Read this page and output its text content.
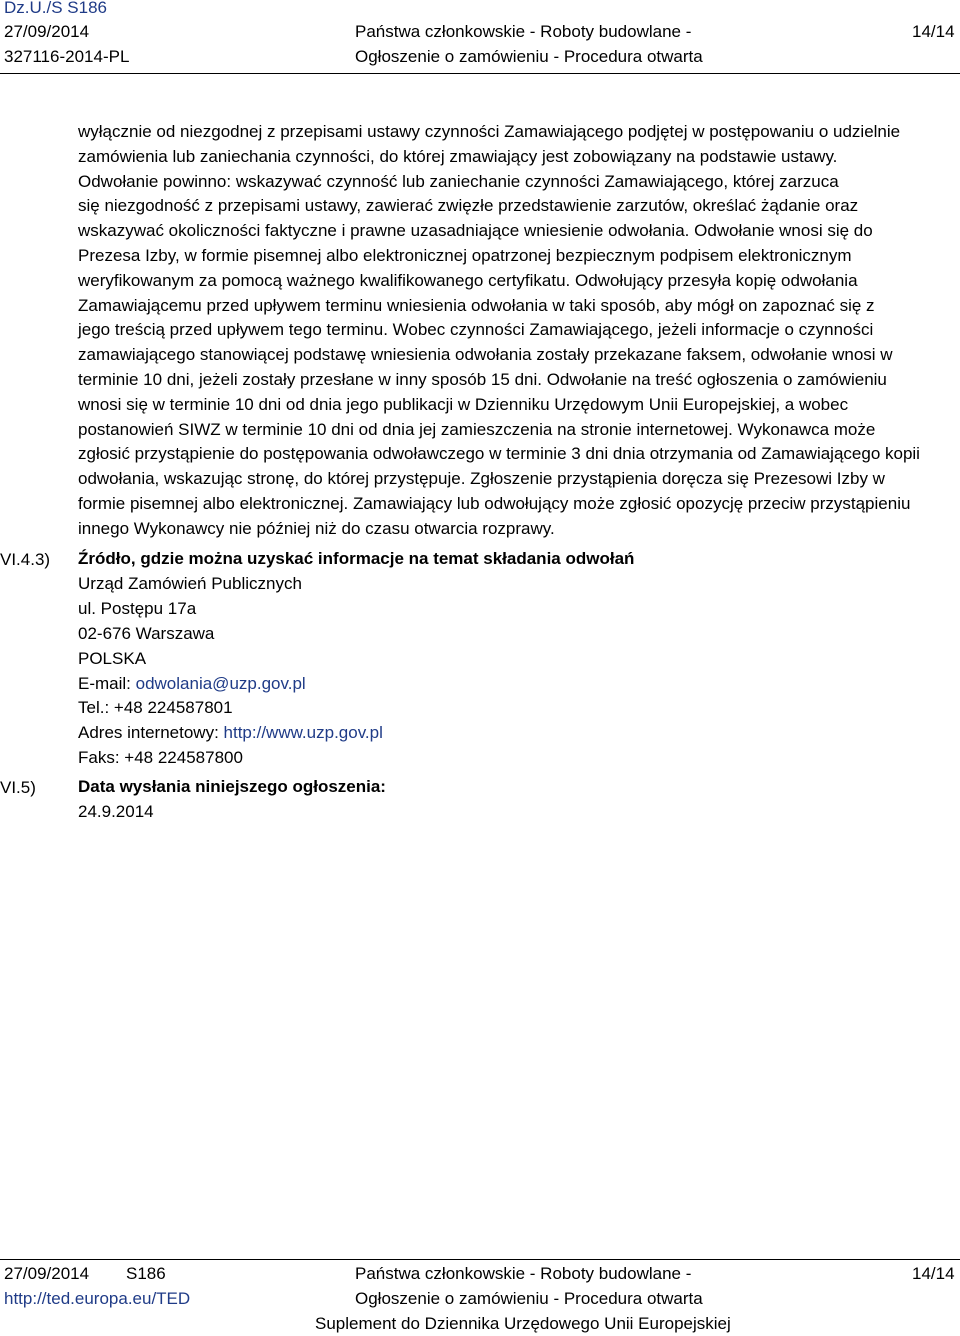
Dz.U./S S186
27/09/2014
327116-2014-PL
Państwa członkowskie - Roboty budowlane -
Ogłoszenie o zamówieniu - Procedura otwarta
14/14
wyłącznie od niezgodnej z przepisami ustawy czynności Zamawiającego podjętej w postępowaniu o udzielnie
zamówienia lub zaniechania czynności, do której zmawiający jest zobowiązany na podstawie ustawy.
Odwołanie powinno: wskazywać czynność lub zaniechanie czynności Zamawiającego, której zarzuca
się niezgodność z przepisami ustawy, zawierać zwięzłe przedstawienie zarzutów, określać żądanie oraz
wskazywać okoliczności faktyczne i prawne uzasadniające wniesienie odwołania. Odwołanie wnosi się do
Prezesa Izby, w formie pisemnej albo elektronicznej opatrzonej bezpiecznym podpisem elektronicznym
weryfikowanym za pomocą ważnego kwalifikowanego certyfikatu. Odwołujący przesyła kopię odwołania
Zamawiającemu przed upływem terminu wniesienia odwołania w taki sposób, aby mógł on zapoznać się z
jego treścią przed upływem tego terminu. Wobec czynności Zamawiającego, jeżeli informacje o czynności
zamawiającego stanowiącej podstawę wniesienia odwołania zostały przekazane faksem, odwołanie wnosi w
terminie 10 dni, jeżeli zostały przesłane w inny sposób 15 dni. Odwołanie na treść ogłoszenia o zamówieniu
wnosi się w terminie 10 dni od dnia jego publikacji w Dzienniku Urzędowym Unii Europejskiej, a wobec
postanowień SIWZ w terminie 10 dni od dnia jej zamieszczenia na stronie internetowej. Wykonawca może
zgłosić przystąpienie do postępowania odwoławczego w terminie 3 dni dnia otrzymania od Zamawiającego kopii
odwołania, wskazując stronę, do której przystępuje. Zgłoszenie przystąpienia doręcza się Prezesowi Izby w
formie pisemnej albo elektronicznej. Zamawiający lub odwołujący może zgłosić opozycję przeciw przystąpieniu
innego Wykonawcy nie później niż do czasu otwarcia rozprawy.
VI.4.3) Źródło, gdzie można uzyskać informacje na temat składania odwołań
Urząd Zamówień Publicznych
ul. Postępu 17a
02-676 Warszawa
POLSKA
E-mail: odwolania@uzp.gov.pl
Tel.: +48 224587801
Adres internetowy: http://www.uzp.gov.pl
Faks: +48 224587800
VI.5) Data wysłania niniejszego ogłoszenia:
24.9.2014
27/09/2014 S186
http://ted.europa.eu/TED
Państwa członkowskie - Roboty budowlane -
Ogłoszenie o zamówieniu - Procedura otwarta
Suplement do Dziennika Urzędowego Unii Europejskiej
14/14
